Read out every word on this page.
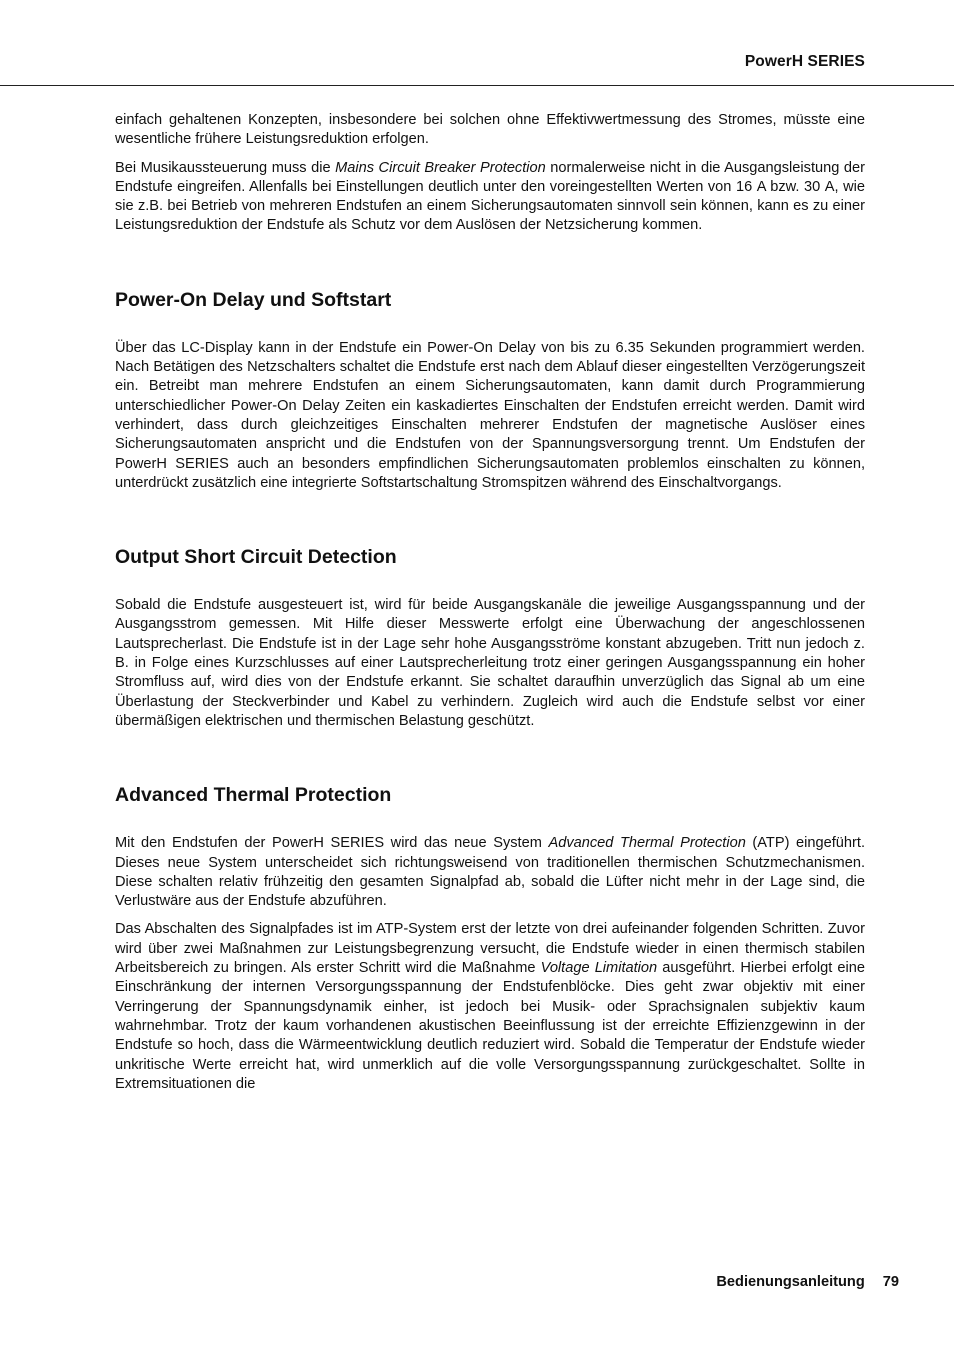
PowerH SERIES

einfach gehaltenen Konzepten, insbesondere bei solchen ohne Effektivwertmessung des Stromes, müsste eine wesentliche frühere Leistungsreduktion erfolgen.

Bei Musikaussteuerung muss die Mains Circuit Breaker Protection normalerweise nicht in die Ausgangsleistung der Endstufe eingreifen. Allenfalls bei Einstellungen deutlich unter den voreingestellten Werten von 16 A bzw. 30 A, wie sie z.B. bei Betrieb von mehreren Endstufen an einem Sicherungsautomaten sinnvoll sein können, kann es zu einer Leistungsreduktion der Endstufe als Schutz vor dem Auslösen der Netzsicherung kommen.

Power-On Delay und Softstart

Über das LC-Display kann in der Endstufe ein Power-On Delay von bis zu 6.35 Sekunden programmiert werden. Nach Betätigen des Netzschalters schaltet die Endstufe erst nach dem Ablauf dieser eingestellten Verzögerungszeit ein. Betreibt man mehrere Endstufen an einem Sicherungsautomaten, kann damit durch Programmierung unterschiedlicher Power-On Delay Zeiten ein kaskadiertes Einschalten der Endstufen erreicht werden. Damit wird verhindert, dass durch gleichzeitiges Einschalten mehrerer Endstufen der magnetische Auslöser eines Sicherungsautomaten anspricht und die Endstufen von der Spannungsversorgung trennt. Um Endstufen der PowerH SERIES auch an besonders empfindlichen Sicherungsautomaten problemlos einschalten zu können, unterdrückt zusätzlich eine integrierte Softstartschaltung Stromspitzen während des Einschaltvorgangs.

Output Short Circuit Detection

Sobald die Endstufe ausgesteuert ist, wird für beide Ausgangskanäle die jeweilige Ausgangsspannung und der Ausgangsstrom gemessen. Mit Hilfe dieser Messwerte erfolgt eine Überwachung der angeschlossenen Lautsprecherlast. Die Endstufe ist in der Lage sehr hohe Ausgangsströme konstant abzugeben. Tritt nun jedoch z. B. in Folge eines Kurzschlusses auf einer Lautsprecherleitung trotz einer geringen Ausgangsspannung ein hoher Stromfluss auf, wird dies von der Endstufe erkannt. Sie schaltet daraufhin unverzüglich das Signal ab um eine Überlastung der Steckverbinder und Kabel zu verhindern. Zugleich wird auch die Endstufe selbst vor einer übermäßigen elektrischen und thermischen Belastung geschützt.

Advanced Thermal Protection

Mit den Endstufen der PowerH SERIES wird das neue System Advanced Thermal Protection (ATP) eingeführt. Dieses neue System unterscheidet sich richtungsweisend von traditionellen thermischen Schutzmechanismen. Diese schalten relativ frühzeitig den gesamten Signalpfad ab, sobald die Lüfter nicht mehr in der Lage sind, die Verlustwäre aus der Endstufe abzuführen.

Das Abschalten des Signalpfades ist im ATP-System erst der letzte von drei aufeinander folgenden Schritten. Zuvor wird über zwei Maßnahmen zur Leistungsbegrenzung versucht, die Endstufe wieder in einen thermisch stabilen Arbeitsbereich zu bringen. Als erster Schritt wird die Maßnahme Voltage Limitation ausgeführt. Hierbei erfolgt eine Einschränkung der internen Versorgungsspannung der Endstufenblöcke. Dies geht zwar objektiv mit einer Verringerung der Spannungsdynamik einher, ist jedoch bei Musik- oder Sprachsignalen subjektiv kaum wahrnehmbar. Trotz der kaum vorhandenen akustischen Beeinflussung ist der erreichte Effizienzgewinn in der Endstufe so hoch, dass die Wärmeentwicklung deutlich reduziert wird. Sobald die Temperatur der Endstufe wieder unkritische Werte erreicht hat, wird unmerklich auf die volle Versorgungsspannung zurückgeschaltet. Sollte in Extremsituationen die

Bedienungsanleitung 79
